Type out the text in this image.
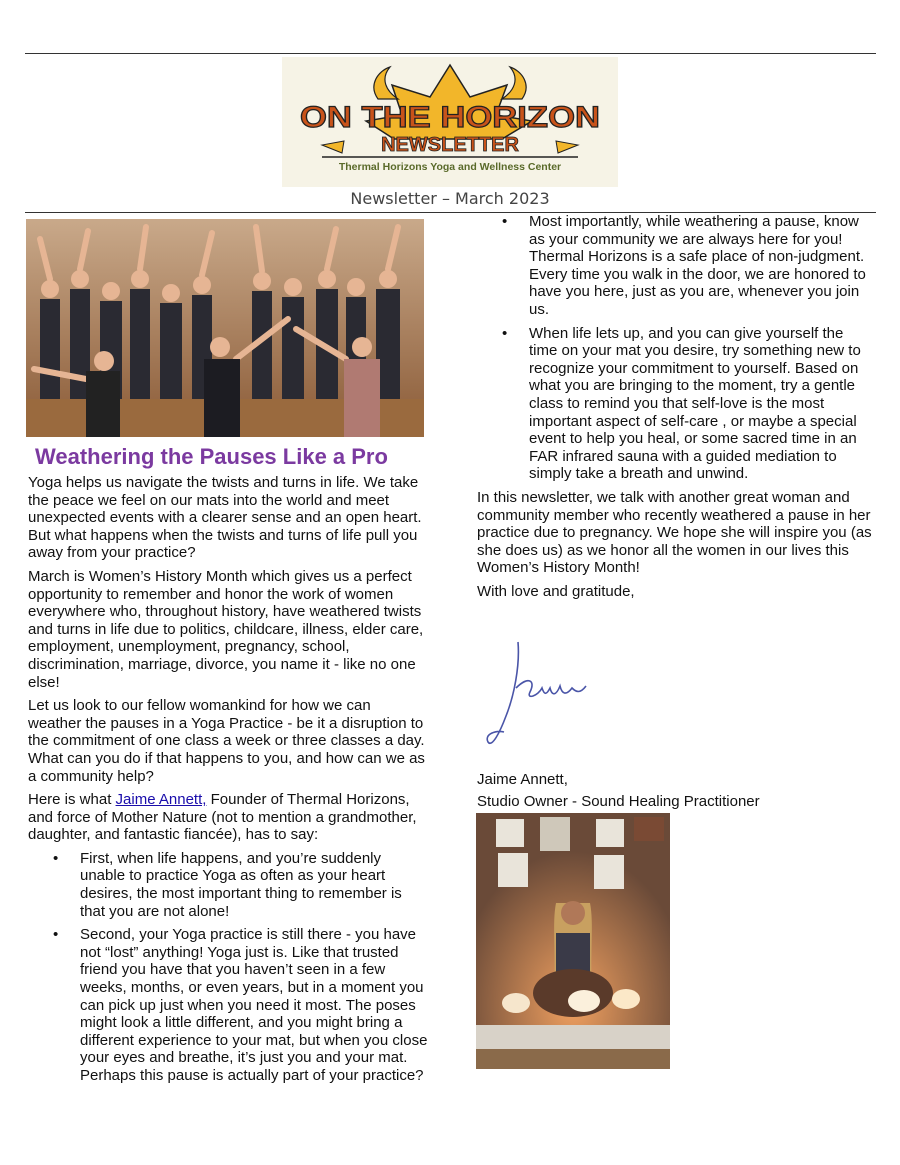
ON THE HORIZON
NEWSLETTER
Thermal Horizons Yoga and Wellness Center
Newsletter – March 2023
Weathering the Pauses Like a Pro

Yoga helps us navigate the twists and turns in life. We take the peace we feel on our mats into the world and meet unexpected events with a clearer sense and an open heart. But what happens when the twists and turns of life pull you away from your practice?

March is Women’s History Month which gives us a perfect opportunity to remember and honor the work of women everywhere who, throughout history, have weathered twists and turns in life due to politics, childcare, illness, elder care, employment, unemployment, pregnancy, school, discrimination, marriage, divorce, you name it - like no one else!

Let us look to our fellow womankind for how we can weather the pauses in a Yoga Practice - be it a disruption to the commitment of one class a week or three classes a day. What can you do if that happens to you, and how can we as a community help?

Here is what Jaime Annett, Founder of Thermal Horizons, and force of Mother Nature (not to mention a grandmother, daughter, and fantastic fiancée), has to say:

• First, when life happens, and you’re suddenly unable to practice Yoga as often as your heart desires, the most important thing to remember is that you are not alone!
• Second, your Yoga practice is still there - you have not “lost” anything! Yoga just is. Like that trusted friend you have that you haven’t seen in a few weeks, months, or even years, but in a moment you can pick up just when you need it most. The poses might look a little different, and you might bring a different experience to your mat, but when you close your eyes and breathe, it’s just you and your mat. Perhaps this pause is actually part of your practice?
• Most importantly, while weathering a pause, know as your community we are always here for you! Thermal Horizons is a safe place of non-judgment. Every time you walk in the door, we are honored to have you here, just as you are, whenever you join us.
• When life lets up, and you can give yourself the time on your mat you desire, try something new to recognize your commitment to yourself. Based on what you are bringing to the moment, try a gentle class to remind you that self-love is the most important aspect of self-care , or maybe a special event to help you heal, or some sacred time in an FAR infrared sauna with a guided mediation to simply take a breath and unwind.

In this newsletter, we talk with another great woman and community member who recently weathered a pause in her practice due to pregnancy. We hope she will inspire you (as she does us) as we honor all the women in our lives this Women’s History Month!

With love and gratitude,

Jaime Annett,
Studio Owner - Sound Healing Practitioner
